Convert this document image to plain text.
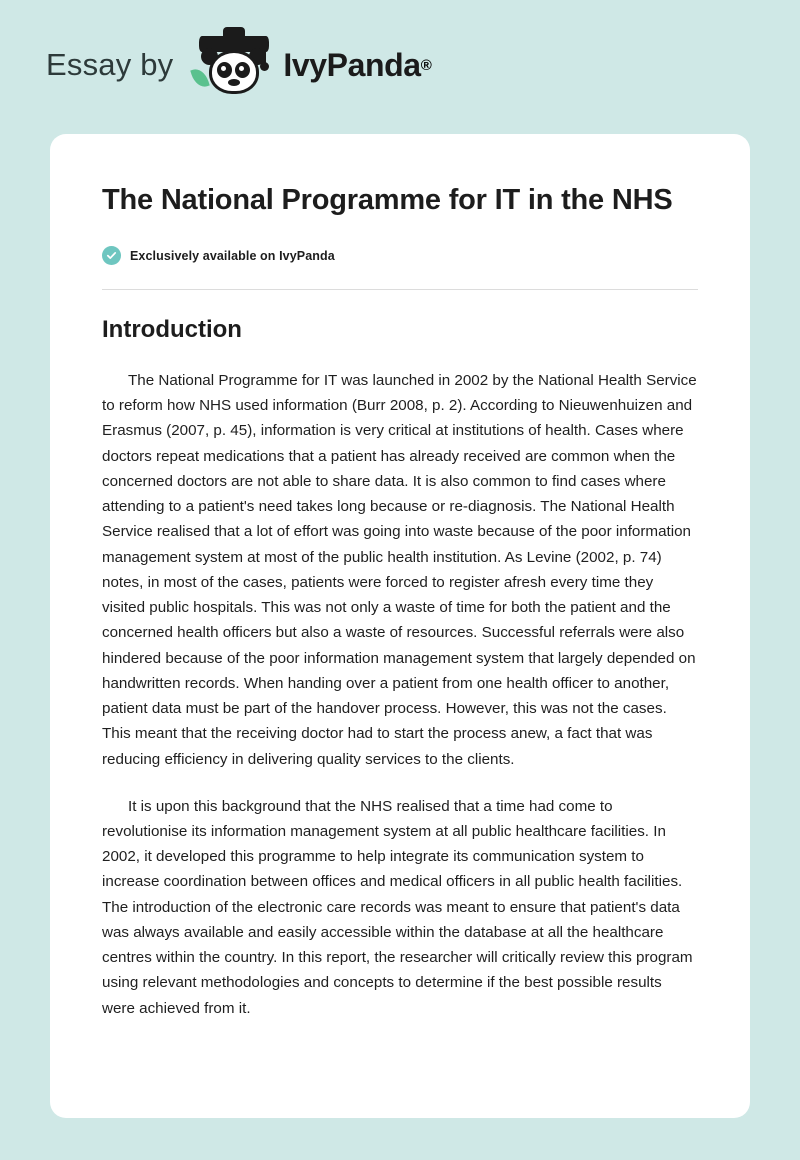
Essay by	IvyPanda ®
The National Programme for IT in the NHS
Exclusively available on IvyPanda
Introduction

The National Programme for IT was launched in 2002 by the National Health Service to reform how NHS used information (Burr 2008, p. 2). According to Nieuwenhuizen and Erasmus (2007, p. 45), information is very critical at institutions of health. Cases where doctors repeat medications that a patient has already received are common when the concerned doctors are not able to share data. It is also common to find cases where attending to a patient's need takes long because or re-diagnosis. The National Health Service realised that a lot of effort was going into waste because of the poor information management system at most of the public health institution. As Levine (2002, p. 74) notes, in most of the cases, patients were forced to register afresh every time they visited public hospitals. This was not only a waste of time for both the patient and the concerned health officers but also a waste of resources. Successful referrals were also hindered because of the poor information management system that largely depended on handwritten records. When handing over a patient from one health officer to another, patient data must be part of the handover process. However, this was not the cases. This meant that the receiving doctor had to start the process anew, a fact that was reducing efficiency in delivering quality services to the clients.

It is upon this background that the NHS realised that a time had come to revolutionise its information management system at all public healthcare facilities. In 2002, it developed this programme to help integrate its communication system to increase coordination between offices and medical officers in all public health facilities. The introduction of the electronic care records was meant to ensure that patient's data was always available and easily accessible within the database at all the healthcare centres within the country. In this report, the researcher will critically review this program using relevant methodologies and concepts to determine if the best possible results were achieved from it.
